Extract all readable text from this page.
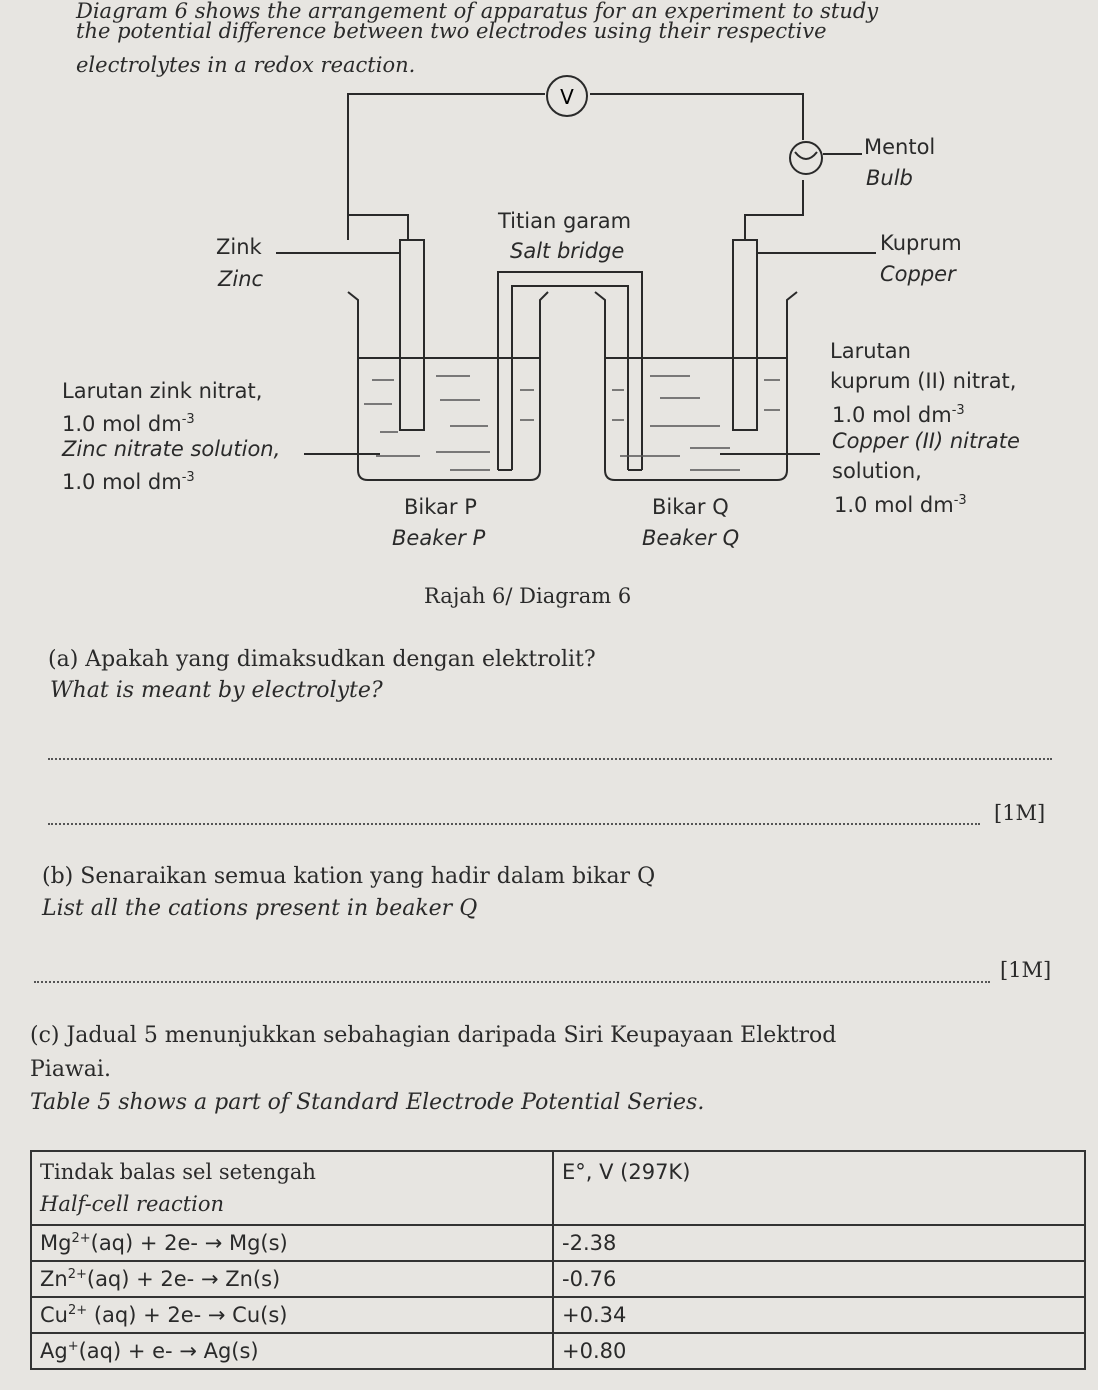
Diagram 6 shows the arrangement of apparatus for an experiment to study
the potential difference between two electrodes using their respective
electrolytes in a redox reaction.
V
Mentol
Bulb
Titian garam
Salt bridge
Zink
Zinc
Kuprum
Copper
Larutan zink nitrat,
1.0 mol $dm^{-3}$
Zinc nitrate solution,
1.0 mol $dm^{-3}$
Larutan
kuprum (II) nitrat,
1.0 mol $dm^{-3}$
Copper (II) nitrate
solution,
1.0 mol $dm^{-3}$
Bikar P
Beaker P
Bikar Q
Beaker Q
Rajah 6/ Diagram 6
(a) Apakah yang dimaksudkan dengan elektrolit?
What is meant by electrolyte?
[1M]
(b) Senaraikan semua kation yang hadir dalam bikar Q
List all the cations present in beaker Q
[1M]
(c) Jadual 5 menunjukkan sebahagian daripada Siri Keupayaan Elektrod
Piawai.
Table 5 shows a part of Standard Electrode Potential Series.
Tindak balas sel setengah
Half-cell reaction	E°, V (297K)
$Mg^{2+}(aq) + 2e- \to Mg(s)$	-2.38
$Zn^{2+}(aq) + 2e- \to Zn(s)$	-0.76
$Cu^{2+}$ (aq) + 2e- → Cu(s)	+0.34
Ag+(aq) + e- → Ag(s)	+0.80
